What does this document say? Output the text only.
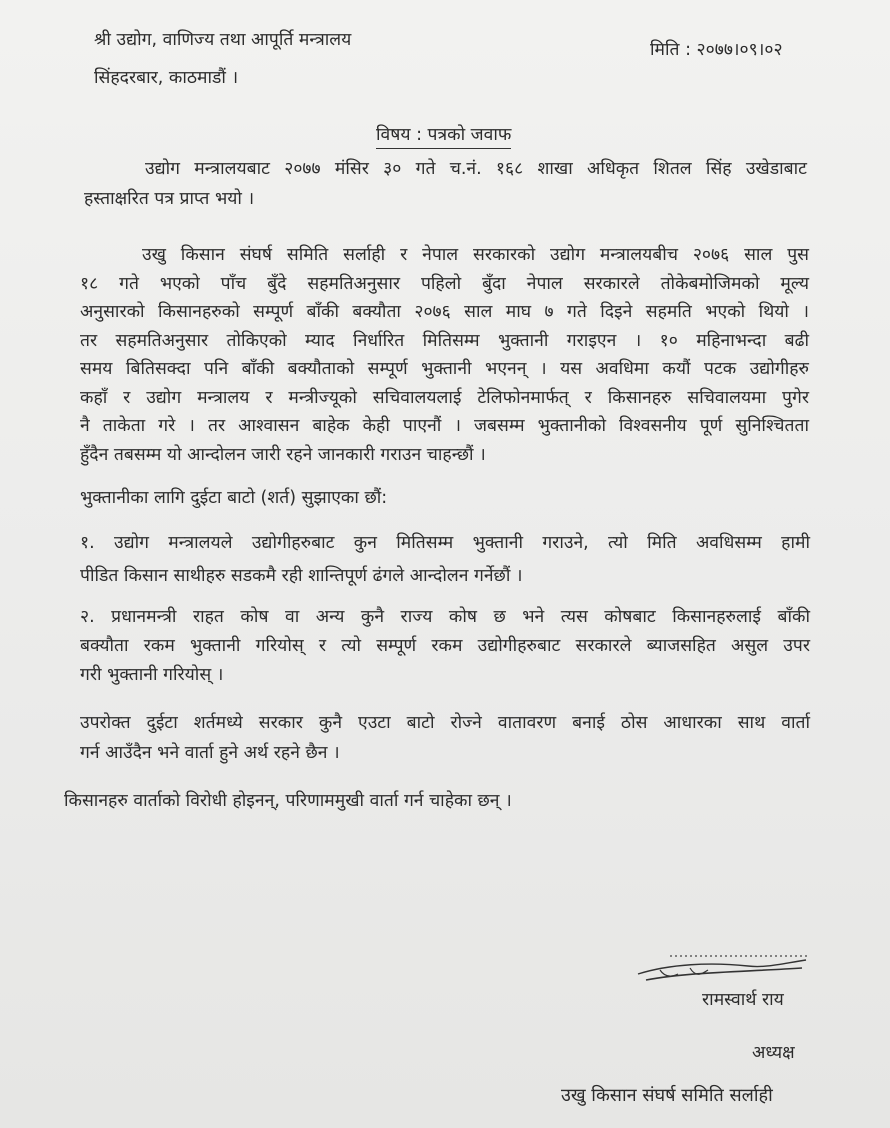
श्री उद्योग, वाणिज्य तथा आपूर्ति मन्त्रालय
सिंहदरबार, काठमाडौं ।
मिति : २०७७।०९।०२
विषय : पत्रको जवाफ
उद्योग मन्त्रालयबाट २०७७ मंसिर ३० गते च.नं. १६८ शाखा अधिकृत शितल सिंह उखेडाबाट
हस्ताक्षरित पत्र प्राप्त भयो ।
उखु किसान संघर्ष समिति सर्लाही र नेपाल सरकारको उद्योग मन्त्रालयबीच २०७६ साल पुस
१८ गते भएको पाँच बुँदे सहमतिअनुसार पहिलो बुँदा नेपाल सरकारले तोकेबमोजिमको मूल्य
अनुसारको किसानहरुको सम्पूर्ण बाँकी बक्यौता २०७६ साल माघ ७ गते दिइने सहमति भएको थियो ।
तर सहमतिअनुसार तोकिएको म्याद निर्धारित मितिसम्म भुक्तानी गराइएन । १० महिनाभन्दा बढी
समय बितिसक्दा पनि बाँकी बक्यौताको सम्पूर्ण भुक्तानी भएनन् । यस अवधिमा कयौं पटक उद्योगीहरु
कहाँ र उद्योग मन्त्रालय र मन्त्रीज्यूको सचिवालयलाई टेलिफोनमार्फत् र किसानहरु सचिवालयमा पुगेर
नै ताकेता गरे । तर आश्वासन बाहेक केही पाएनौं । जबसम्म भुक्तानीको विश्वसनीय पूर्ण सुनिश्चितता
हुँदैन तबसम्म यो आन्दोलन जारी रहने जानकारी गराउन चाहन्छौं ।
भुक्तानीका लागि दुईटा बाटो (शर्त) सुझाएका छौं:
१. उद्योग मन्त्रालयले उद्योगीहरुबाट कुन मितिसम्म भुक्तानी गराउने, त्यो मिति अवधिसम्म हामी
पीडित किसान साथीहरु सडकमै रही शान्तिपूर्ण ढंगले आन्दोलन गर्नेछौं ।
२. प्रधानमन्त्री राहत कोष वा अन्य कुनै राज्य कोष छ भने त्यस कोषबाट किसानहरुलाई बाँकी
बक्यौता रकम भुक्तानी गरियोस् र त्यो सम्पूर्ण रकम उद्योगीहरुबाट सरकारले ब्याजसहित असुल उपर
गरी भुक्तानी गरियोस् ।
उपरोक्त दुईटा शर्तमध्ये सरकार कुनै एउटा बाटो रोज्ने वातावरण बनाई ठोस आधारका साथ वार्ता
गर्न आउँदैन भने वार्ता हुने अर्थ रहने छैन ।
किसानहरु वार्ताको विरोधी होइनन्, परिणाममुखी वार्ता गर्न चाहेका छन् ।
रामस्वार्थ राय
अध्यक्ष
उखु किसान संघर्ष समिति सर्लाही
